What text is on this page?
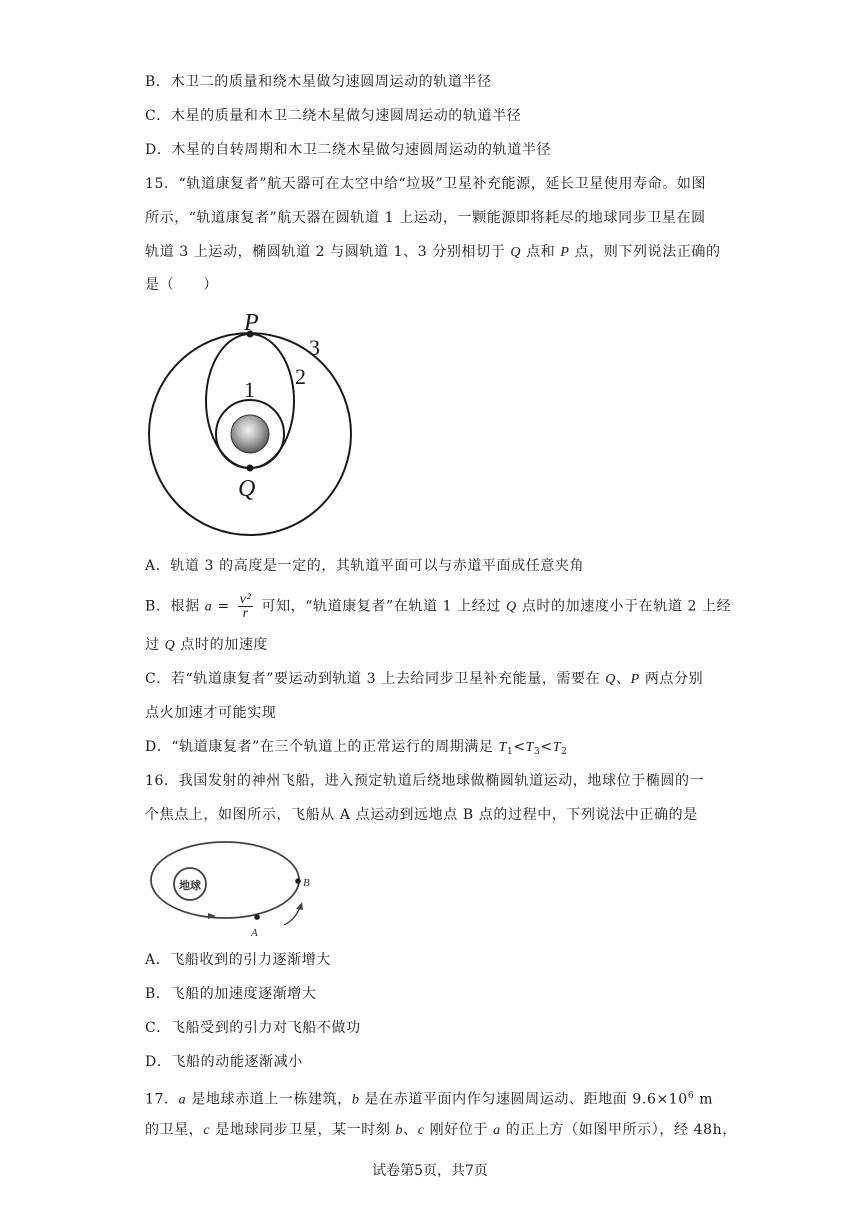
B．木卫二的质量和绕木星做匀速圆周运动的轨道半径
C．木星的质量和木卫二绕木星做匀速圆周运动的轨道半径
D．木星的自转周期和木卫二绕木星做匀速圆周运动的轨道半径
15．“轨道康复者”航天器可在太空中给“垃圾”卫星补充能源，延长卫星使用寿命。如图
所示，“轨道康复者”航天器在圆轨道 1 上运动，一颗能源即将耗尽的地球同步卫星在圆
轨道 3 上运动，椭圆轨道 2 与圆轨道 1、3 分别相切于 Q 点和 P 点，则下列说法正确的
是（　　）
P
Q
1
2
3
A．轨道 3 的高度是一定的，其轨道平面可以与赤道平面成任意夹角
B．根据 $a = \frac{\text{v²}}{r}$ 可知，“轨道康复者”在轨道 1 上经过 Q 点时的加速度小于在轨道 2 上经
过 Q 点时的加速度
C．若“轨道康复者”要运动到轨道 3 上去给同步卫星补充能量，需要在 Q、P 两点分别
点火加速才可能实现
D．“轨道康复者”在三个轨道上的正常运行的周期满足 $T_1<T_3<T_2$
16．我国发射的神州飞船，进入预定轨道后绕地球做椭圆轨道运动，地球位于椭圆的一
个焦点上，如图所示，飞船从 A 点运动到远地点 B 点的过程中，下列说法中正确的是
地球
A
B
A．飞船收到的引力逐渐增大
B．飞船的加速度逐渐增大
C．飞船受到的引力对飞船不做功
D．飞船的动能逐渐减小
17．a 是地球赤道上一栋建筑，b 是在赤道平面内作匀速圆周运动、距地面 $9.6\times 10^6$ m
的卫星，c 是地球同步卫星，某一时刻 b、c 刚好位于 a 的正上方（如图甲所示），经 48h，
试卷第5页，共7页
